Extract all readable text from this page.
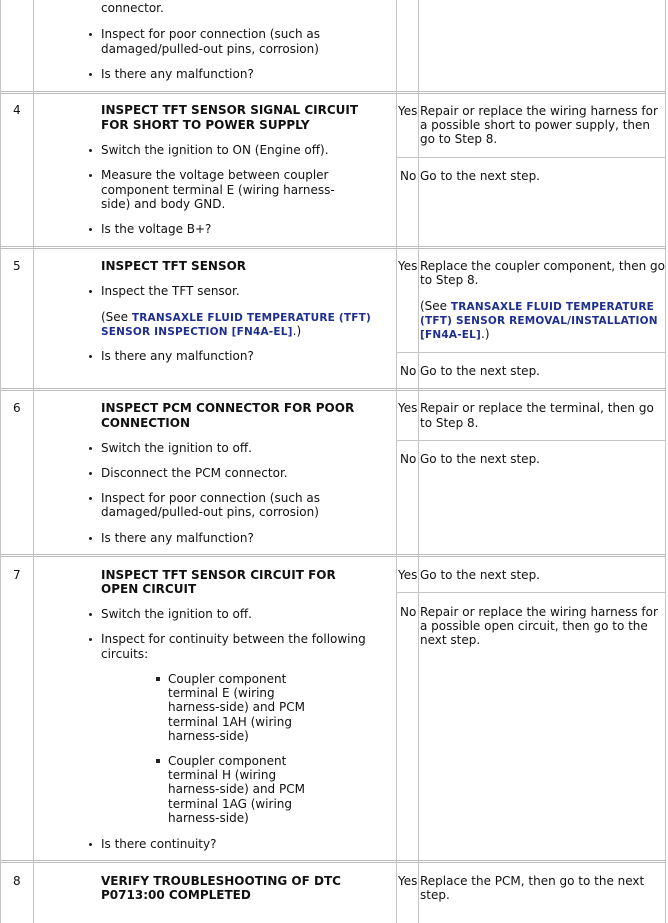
connector.

Inspect for poor connection (such as

damaged/pulled-out pins, corrosion)

Is there any malfunction?

4	INSPECT TFT SENSOR SIGNAL CIRCUIT

FOR SHORT TO POWER SUPPLY

Switch the ignition to ON (Engine off).

Measure the voltage between coupler

component terminal E (wiring harness-

side) and body GND.

Is the voltage B+?

Yes Repair or replace the wiring harness for

a possible short to power supply, then

go to Step 8.

No Go to the next step.

5	INSPECT TFT SENSOR

Inspect the TFT sensor.

(See TRANSAXLE FLUID TEMPERATURE (TFT)

SENSOR INSPECTION [FN4A-EL].)

Is there any malfunction?

Yes Replace the coupler component, then go

to Step 8.

(See TRANSAXLE FLUID TEMPERATURE

(TFT) SENSOR REMOVAL/INSTALLATION

[FN4A-EL].)

No Go to the next step.

6	INSPECT PCM CONNECTOR FOR POOR

CONNECTION

Switch the ignition to off.

Disconnect the PCM connector.

Inspect for poor connection (such as

damaged/pulled-out pins, corrosion)

Is there any malfunction?

Yes Repair or replace the terminal, then go

to Step 8.

No Go to the next step.

7	INSPECT TFT SENSOR CIRCUIT FOR

OPEN CIRCUIT

Switch the ignition to off.

Inspect for continuity between the following

circuits:

Coupler component

terminal E (wiring

harness-side) and PCM

terminal 1AH (wiring

harness-side)

Coupler component

terminal H (wiring

harness-side) and PCM

terminal 1AG (wiring

harness-side)

Is there continuity?

Yes Go to the next step.

No Repair or replace the wiring harness for

a possible open circuit, then go to the

next step.

8	VERIFY TROUBLESHOOTING OF DTC

P0713:00 COMPLETED

Yes Replace the PCM, then go to the next

step.
